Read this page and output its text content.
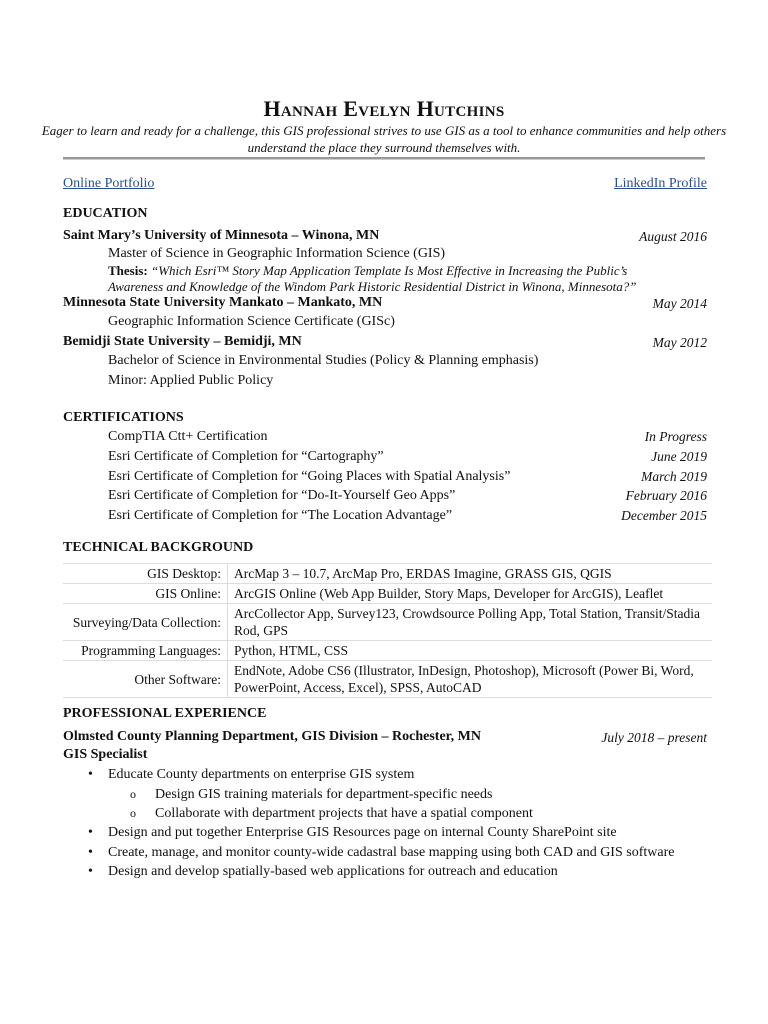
Hannah Evelyn Hutchins
Eager to learn and ready for a challenge, this GIS professional strives to use GIS as a tool to enhance communities and help others understand the place they surround themselves with.
Online Portfolio	LinkedIn Profile
EDUCATION
Saint Mary’s University of Minnesota – Winona, MN	August 2016
Master of Science in Geographic Information Science (GIS)
Thesis: “Which Esri™ Story Map Application Template Is Most Effective in Increasing the Public’s
Awareness and Knowledge of the Windom Park Historic Residential District in Winona, Minnesota?”
Minnesota State University Mankato – Mankato, MN	May 2014
Geographic Information Science Certificate (GISc)
Bemidji State University – Bemidji, MN	May 2012
Bachelor of Science in Environmental Studies (Policy & Planning emphasis)
Minor: Applied Public Policy
CERTIFICATIONS
CompTIA Ctt+ Certification	In Progress
Esri Certificate of Completion for “Cartography”	June 2019
Esri Certificate of Completion for “Going Places with Spatial Analysis”	March 2019
Esri Certificate of Completion for “Do-It-Yourself Geo Apps”	February 2016
Esri Certificate of Completion for “The Location Advantage”	December 2015
TECHNICAL BACKGROUND
GIS Desktop:	ArcMap 3 – 10.7, ArcMap Pro, ERDAS Imagine, GRASS GIS, QGIS
GIS Online:	ArcGIS Online (Web App Builder, Story Maps, Developer for ArcGIS), Leaflet
Surveying/Data Collection:	ArcCollector App, Survey123, Crowdsource Polling App, Total Station, Transit/Stadia Rod, GPS
Programming Languages:	Python, HTML, CSS
Other Software:	EndNote, Adobe CS6 (Illustrator, InDesign, Photoshop), Microsoft (Power Bi, Word, PowerPoint, Access, Excel), SPSS, AutoCAD
PROFESSIONAL EXPERIENCE
Olmsted County Planning Department, GIS Division – Rochester, MN	July 2018 – present
GIS Specialist
• Educate County departments on enterprise GIS system
o Design GIS training materials for department-specific needs
o Collaborate with department projects that have a spatial component
• Design and put together Enterprise GIS Resources page on internal County SharePoint site
• Create, manage, and monitor county-wide cadastral base mapping using both CAD and GIS software
• Design and develop spatially-based web applications for outreach and education
